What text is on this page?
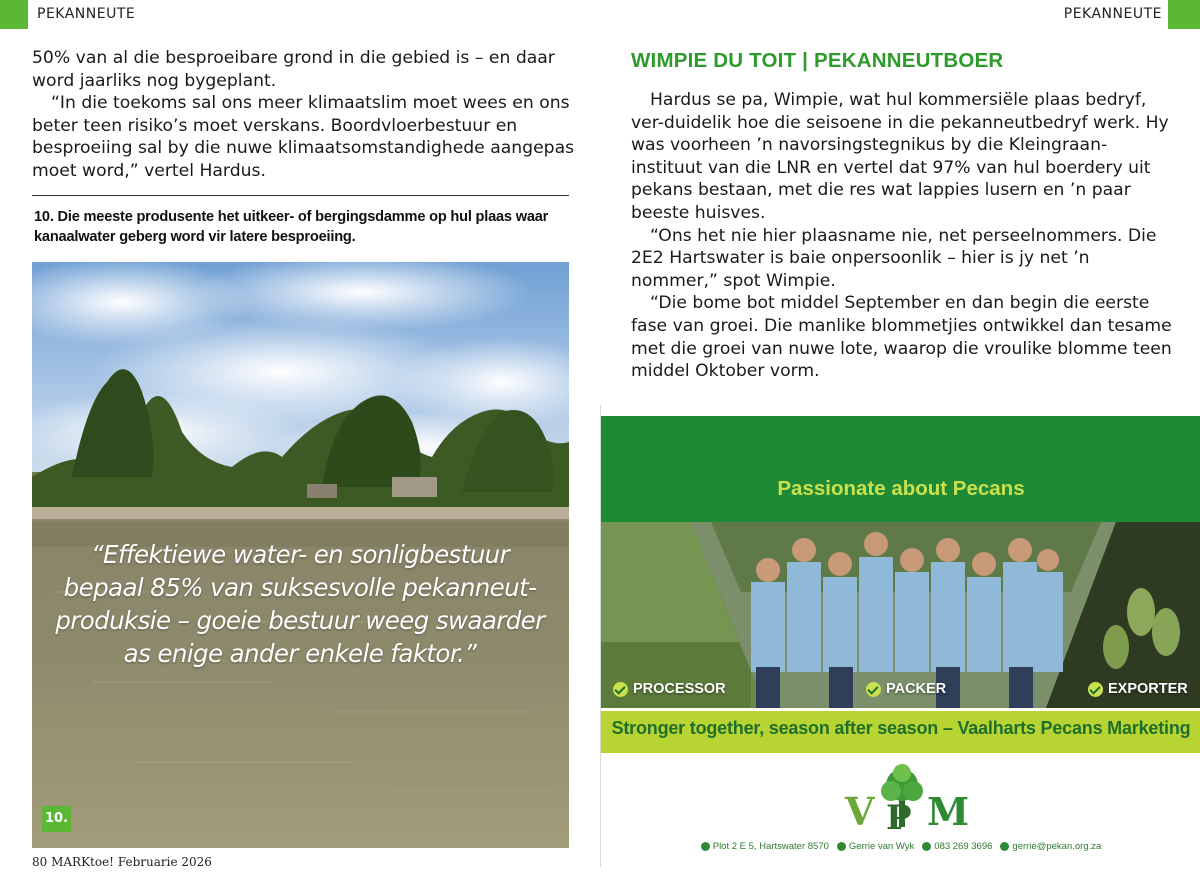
PEKANNEUTE	PEKANNEUTE

50% van al die besproeibare grond in die gebied is – en daar word jaarliks nog bygeplant.

“In die toekoms sal ons meer klimaatslim moet wees en ons beter teen risiko’s moet verskans. Boordvloerbestuur en besproeiing sal by die nuwe klimaatsomstandighede aangepas moet word,” vertel Hardus.

10. Die meeste produsente het uitkeer- of bergingsdamme op hul plaas waar kanaalwater geberg word vir latere besproeiing.
“Effektiewe water- en sonligbestuur bepaal 85% van suksesvolle pekanneut-produksie – goeie bestuur weeg swaarder as enige ander enkele faktor.”
10.
80 MARKtoe! Februarie 2026
WIMPIE DU TOIT | PEKANNEUTBOER

Hardus se pa, Wimpie, wat hul kommersiële plaas bedryf, ver-duidelik hoe die seisoene in die pekanneutbedryf werk. Hy was voorheen ’n navorsingstegnikus by die Kleingraan-instituut van die LNR en vertel dat 97% van hul boerdery uit pekans bestaan, met die res wat lappies lusern en ’n paar beeste huisves.

“Ons het nie hier plaasname nie, net perseelnommers. Die 2E2 Hartswater is baie onpersoonlik – hier is jy net ’n nommer,” spot Wimpie.

“Die bome bot middel September en dan begin die eerste fase van groei. Die manlike blommetjies ontwikkel dan tesame met die groei van nuwe lote, waarop die vroulike blomme teen middel Oktober vorm.

Passionate about Pecans
PROCESSOR	PACKER	EXPORTER
Stronger together, season after season – Vaalharts Pecans Marketing
V P M
Plot 2 E 5, Hartswater 8570 Gerrie van Wyk 083 269 3696 gerrie@pekan.org.za
